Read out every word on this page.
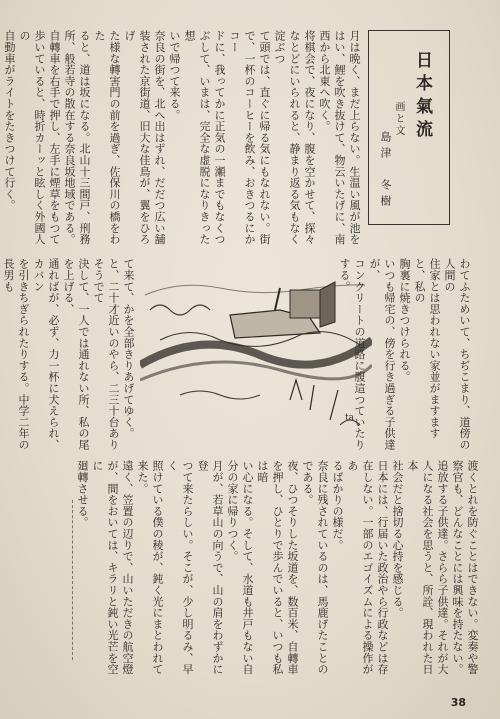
日本氣流
画と文
島津　冬樹
月は晩く、まだ上らない。生温い風が池を
はい、鯉を吹き抜けて、物云いたげに、南
西から北東へ吹く。
将棋会で、夜になり、腹を空かせて、探々
なとどにいられると、静まり返る気もなく淀ぶつ
て頭では、直ぐに帰る気にもなれない。街
で、一杯のコーヒーを飲み、おきつるにかコー
ドに、我ってかに正気の一瀬までもなくつ
ぶして、いまは、完全な虚脱になりきった想
いで帰つて来る。
奈良の街を、北へ出はずれ、だだつ広い舗
装された京街道、旧大な佳鳥が、翼をひろげ
た様な轉害門の前を過ぎ、佐保川の橋をわた
ると、道は坂になる。北山十三間戸、刑務
所、般若寺の散在する奈良坂地域である。
自轉車を右手で押し、左手に煙草をもつて
歩いていると、時折カーッと眩しく外國人の
自動車がライトをたきつけて行く。
わてふためいて、ちぢこまり、道傍の人間の
住家とは思われない家並がますますと、私の
胸裏に焼きつけられる。
いつも帰宅の、傍を行き過ぎる子供達が、
コンクリートの道路に腹這つていたりする。
て来て、かを全部きりあげてゆく。
と、二十才近いのやら、二三十台ありそうでて
決して、一人では通れない所、私の尾を上げる、
通ればが、必ず、力一杯に犬えられ、カバン
を引きちぎられたりする。中学二年の長男も
ta
渡くとれを防ぐことはできない。変奏や警
察官も、どんなことには興味を持たない。
追放する子供達。さらら子供達。それが大
人になる社会を思うと、所詮、現われた日本
社会だと捨切る心持を感じる。
日本には、行届いた政治やら行政などは存
在しない。一部のエゴイズムによる操作があ
るばかりの様だ。
奈良に残されているのは、馬鹿げたことの
である。
夜、ひつそりした坂道を、数百米、自轉車
を押し、ひとりで歩んでいると、いつも私は暗
い心になる。そして、水道も井戸もない自
分の家に帰りつく。
月が、若草山の向うで、山の肩をわずかに登
つて来たらしい。そこが、少し明るみ、早く
照けている僕の稜が、鈍く光にまとわれて
来た。
遠く、笠置の辺りで、山いただきの航空燈
が、間をおいては、キラリと鈍い光芒を空に
廻轉させる。
38
